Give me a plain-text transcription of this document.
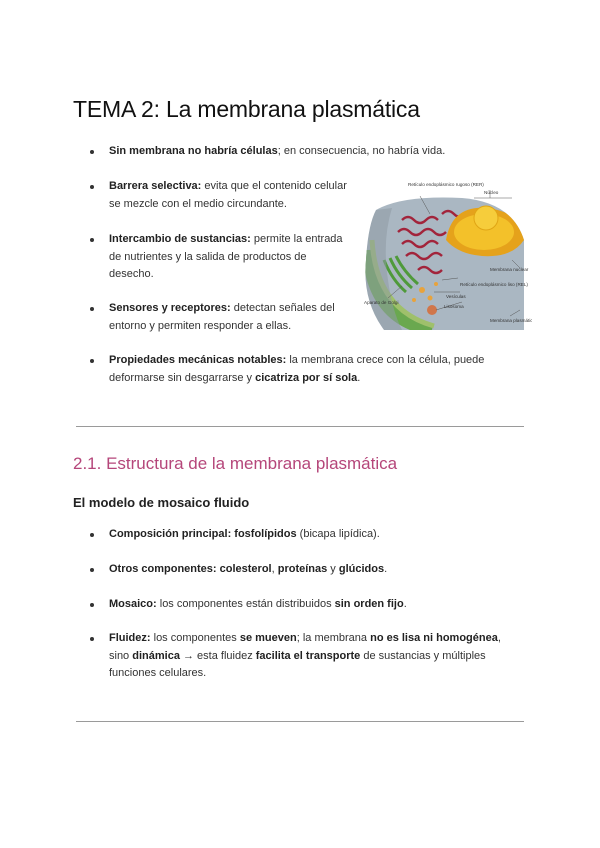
TEMA 2: La membrana plasmática
Sin membrana no habría células; en consecuencia, no habría vida.
Barrera selectiva: evita que el contenido celular se mezcle con el medio circundante.
Intercambio de sustancias: permite la entrada de nutrientes y la salida de productos de desecho.
Sensores y receptores: detectan señales del entorno y permiten responder a ellas.
Propiedades mecánicas notables: la membrana crece con la célula, puede deformarse sin desgarrarse y cicatriza por sí sola.
Retículo endoplásmico rugoso (RER)
Núcleo
Membrana nuclear
Retículo endoplásmico liso (REL)
Aparato de Golgi
Vesículas
Lisosoma
Membrana plasmática
2.1. Estructura de la membrana plasmática
El modelo de mosaico fluido
Composición principal: fosfolípidos (bicapa lipídica).
Otros componentes: colesterol, proteínas y glúcidos.
Mosaico: los componentes están distribuidos sin orden fijo.
Fluidez: los componentes se mueven; la membrana no es lisa ni homogénea, sino dinámica → esta fluidez facilita el transporte de sustancias y múltiples funciones celulares.
